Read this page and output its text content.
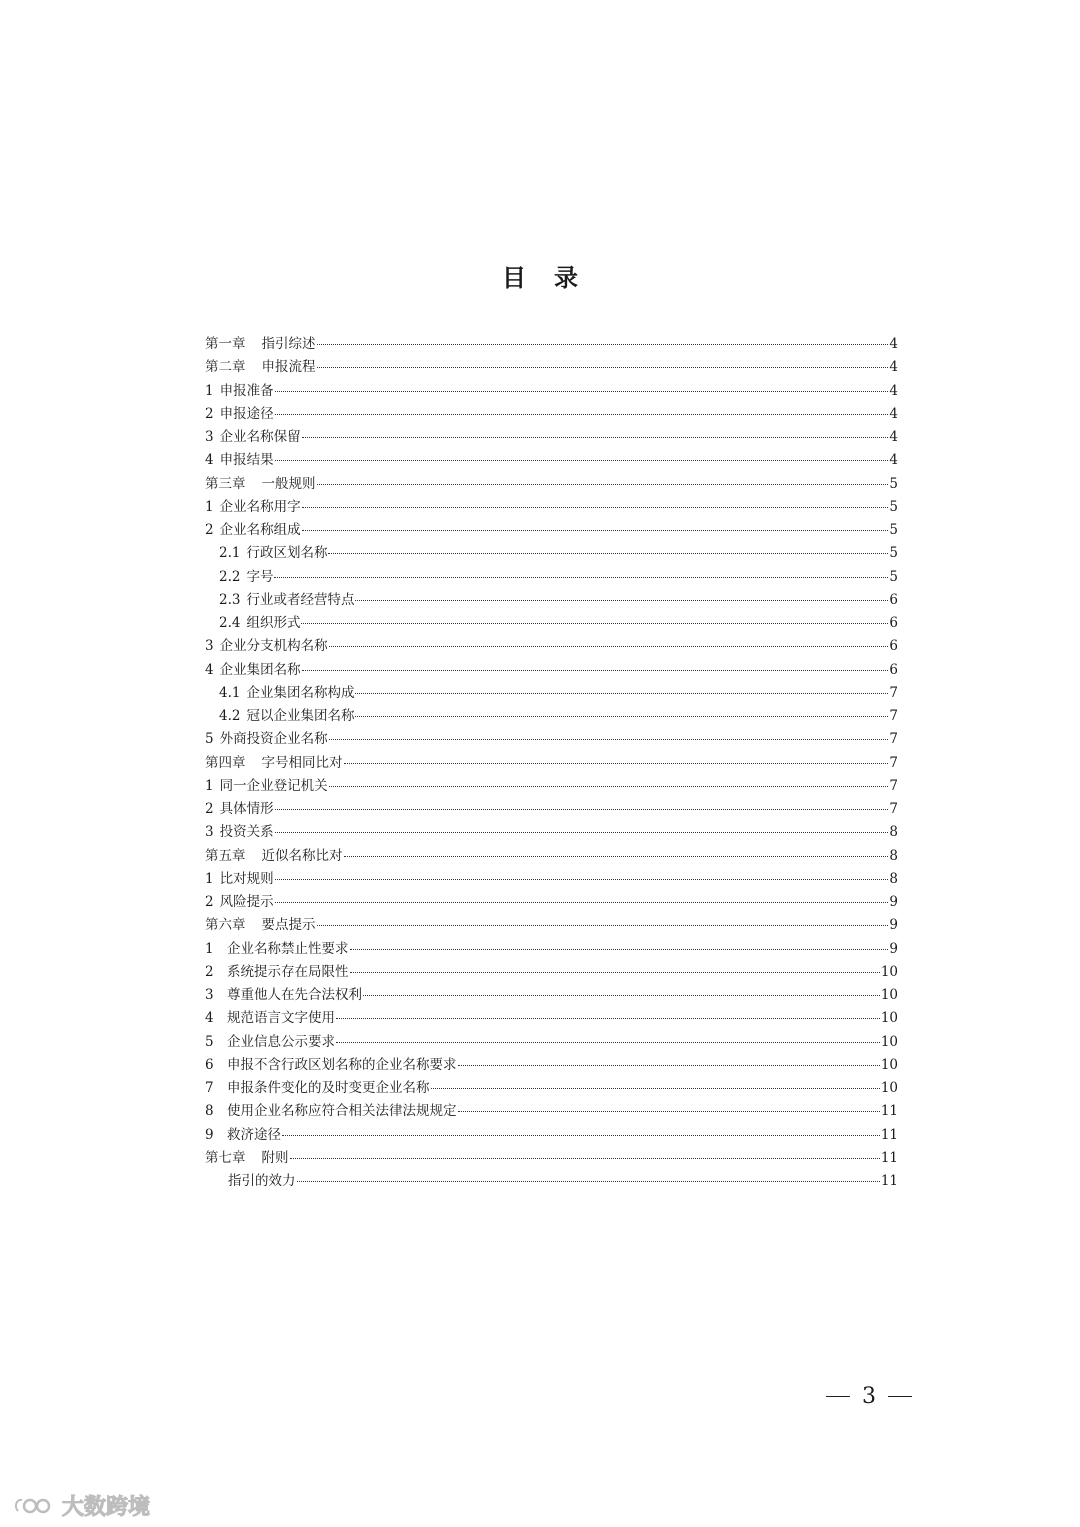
目 录
第一章 指引综述	4
第二章 申报流程	4
1 申报准备	4
2 申报途径	4
3 企业名称保留	4
4 申报结果	4
第三章 一般规则	5
1 企业名称用字	5
2 企业名称组成	5
2.1 行政区划名称	5
2.2 字号	5
2.3 行业或者经营特点	6
2.4 组织形式	6
3 企业分支机构名称	6
4 企业集团名称	6
4.1 企业集团名称构成	7
4.2 冠以企业集团名称	7
5 外商投资企业名称	7
第四章 字号相同比对	7
1 同一企业登记机关	7
2 具体情形	7
3 投资关系	8
第五章 近似名称比对	8
1 比对规则	8
2 风险提示	9
第六章 要点提示	9
1 企业名称禁止性要求	9
2 系统提示存在局限性	10
3 尊重他人在先合法权利	10
4 规范语言文字使用	10
5 企业信息公示要求	10
6 申报不含行政区划名称的企业名称要求	10
7 申报条件变化的及时变更企业名称	10
8 使用企业名称应符合相关法律法规规定	11
9 救济途径	11
第七章 附则	11
指引的效力	11
3
大数跨境
